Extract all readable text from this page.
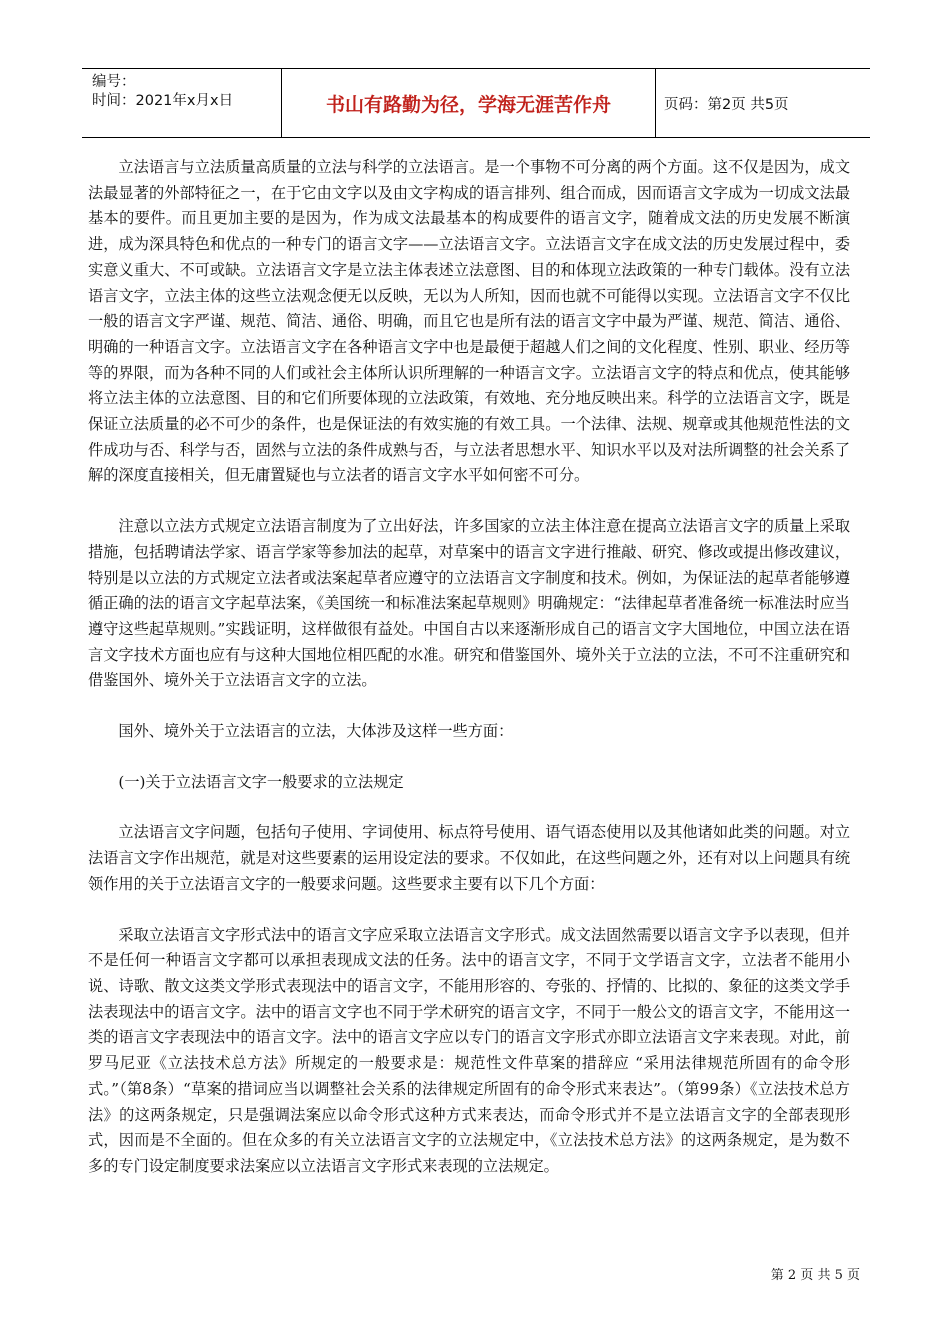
编号：
时间：2021年x月x日	书山有路勤为径，学海无涯苦作舟	页码：第2页 共5页

立法语言与立法质量高质量的立法与科学的立法语言。是一个事物不可分离的两个方面。这不仅是因为，成文法最显著的外部特征之一，在于它由文字以及由文字构成的语言排列、组合而成，因而语言文字成为一切成文法最基本的要件。而且更加主要的是因为，作为成文法最基本的构成要件的语言文字，随着成文法的历史发展不断演进，成为深具特色和优点的一种专门的语言文字——立法语言文字。立法语言文字在成文法的历史发展过程中，委实意义重大、不可或缺。立法语言文字是立法主体表述立法意图、目的和体现立法政策的一种专门载体。没有立法语言文字，立法主体的这些立法观念便无以反映，无以为人所知，因而也就不可能得以实现。立法语言文字不仅比一般的语言文字严谨、规范、简洁、通俗、明确，而且它也是所有法的语言文字中最为严谨、规范、简洁、通俗、明确的一种语言文字。立法语言文字在各种语言文字中也是最便于超越人们之间的文化程度、性别、职业、经历等等的界限，而为各种不同的人们或社会主体所认识所理解的一种语言文字。立法语言文字的特点和优点，使其能够将立法主体的立法意图、目的和它们所要体现的立法政策，有效地、充分地反映出来。科学的立法语言文字，既是保证立法质量的必不可少的条件，也是保证法的有效实施的有效工具。一个法律、法规、规章或其他规范性法的文件成功与否、科学与否，固然与立法的条件成熟与否，与立法者思想水平、知识水平以及对法所调整的社会关系了解的深度直接相关，但无庸置疑也与立法者的语言文字水平如何密不可分。

注意以立法方式规定立法语言制度为了立出好法，许多国家的立法主体注意在提高立法语言文字的质量上采取措施，包括聘请法学家、语言学家等参加法的起草，对草案中的语言文字进行推敲、研究、修改或提出修改建议，特别是以立法的方式规定立法者或法案起草者应遵守的立法语言文字制度和技术。例如，为保证法的起草者能够遵循正确的法的语言文字起草法案，《美国统一和标准法案起草规则》明确规定：“法律起草者准备统一标准法时应当遵守这些起草规则。”实践证明，这样做很有益处。中国自古以来逐渐形成自己的语言文字大国地位，中国立法在语言文字技术方面也应有与这种大国地位相匹配的水准。研究和借鉴国外、境外关于立法的立法，不可不注重研究和借鉴国外、境外关于立法语言文字的立法。

国外、境外关于立法语言的立法，大体涉及这样一些方面：

(一)关于立法语言文字一般要求的立法规定

立法语言文字问题，包括句子使用、字词使用、标点符号使用、语气语态使用以及其他诸如此类的问题。对立法语言文字作出规范，就是对这些要素的运用设定法的要求。不仅如此，在这些问题之外，还有对以上问题具有统领作用的关于立法语言文字的一般要求问题。这些要求主要有以下几个方面：

采取立法语言文字形式法中的语言文字应采取立法语言文字形式。成文法固然需要以语言文字予以表现，但并不是任何一种语言文字都可以承担表现成文法的任务。法中的语言文字，不同于文学语言文字，立法者不能用小说、诗歌、散文这类文学形式表现法中的语言文字，不能用形容的、夸张的、抒情的、比拟的、象征的这类文学手法表现法中的语言文字。法中的语言文字也不同于学术研究的语言文字，不同于一般公文的语言文字，不能用这一类的语言文字表现法中的语言文字。法中的语言文字应以专门的语言文字形式亦即立法语言文字来表现。对此，前罗马尼亚《立法技术总方法》所规定的一般要求是：规范性文件草案的措辞应 “采用法律规范所固有的命令形式。”（第8条）“草案的措词应当以调整社会关系的法律规定所固有的命令形式来表达”。（第99条）《立法技术总方法》的这两条规定，只是强调法案应以命令形式这种方式来表达，而命令形式并不是立法语言文字的全部表现形式，因而是不全面的。但在众多的有关立法语言文字的立法规定中，《立法技术总方法》的这两条规定，是为数不多的专门设定制度要求法案应以立法语言文字形式来表现的立法规定。

第 2 页 共 5 页
